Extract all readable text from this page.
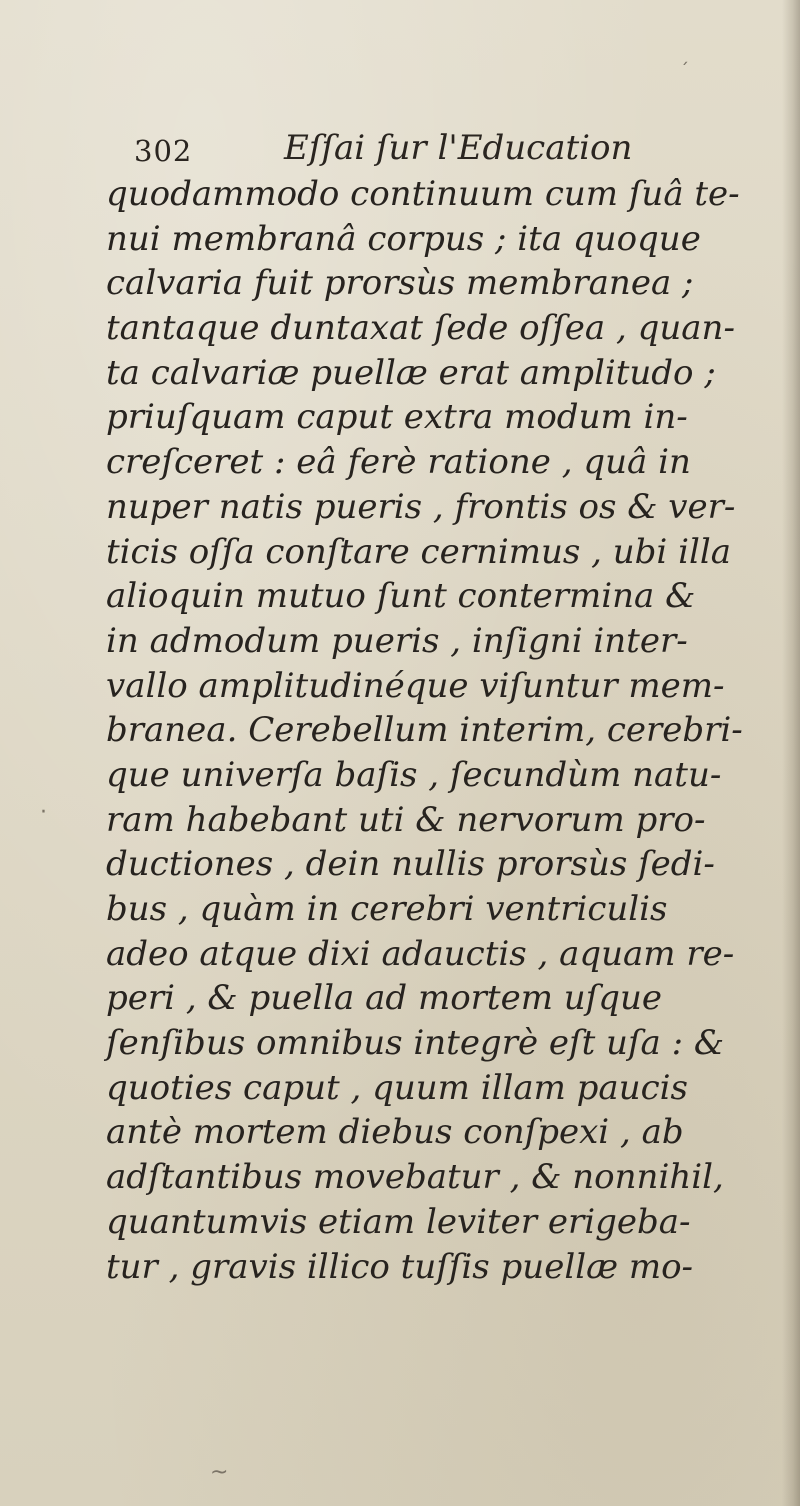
302	Eſſai ſur l'Education
quodammodo continuum cum ſuâ te-
nui membranâ corpus ; ita quoque
calvaria fuit prorsùs membranea ;
tantaque duntaxat ſede oſſea , quan-
ta calvariæ puellæ erat amplitudo ;
priuſquam caput extra modum in-
creſceret : eâ ferè ratione , quâ in
nuper natis pueris , frontis os & ver-
ticis oſſa conſtare cernimus , ubi illa
alioquin mutuo ſunt contermina &
in admodum pueris , inſigni inter-
vallo amplitudinéque viſuntur mem-
branea. Cerebellum interim, cerebri-
que univerſa baſis , ſecundùm natu-
ram habebant uti & nervorum pro-
ductiones , dein nullis prorsùs ſedi-
bus , quàm in cerebri ventriculis
adeo atque dixi adauctis , aquam re-
peri , & puella ad mortem uſque
ſenſibus omnibus integrè eſt uſa : &
quoties caput , quum illam paucis
antè mortem diebus conſpexi , ab
adſtantibus movebatur , & nonnihil,
quantumvis etiam leviter erigeba-
tur , gravis illico tuſſis puellæ mo-
·
~
ˊ
